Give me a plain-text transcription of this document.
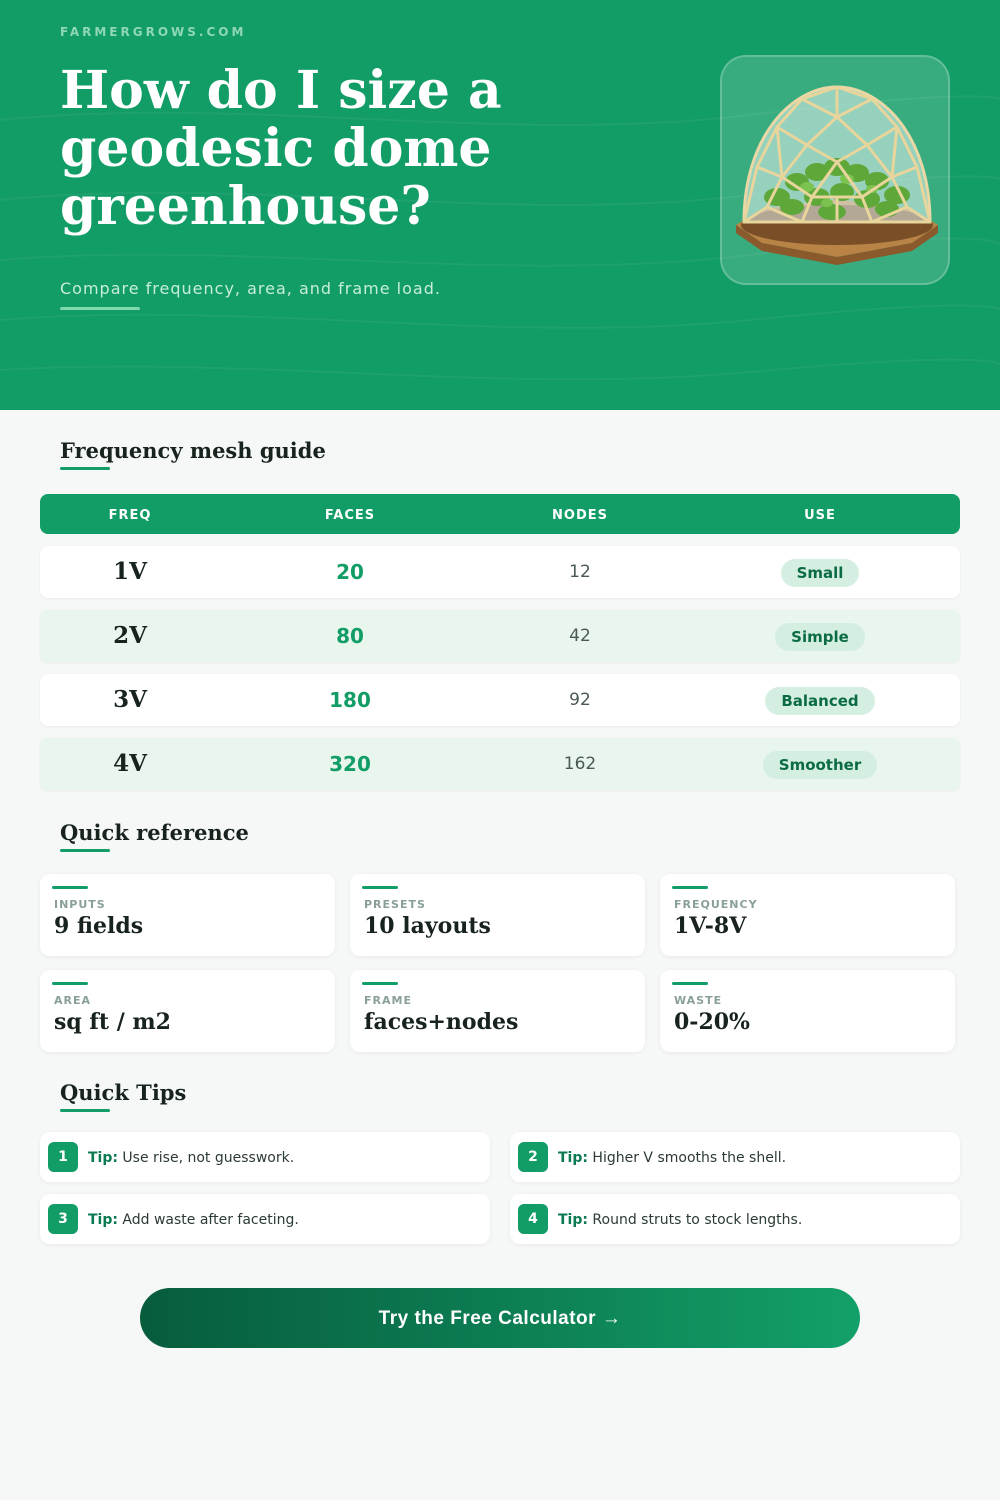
FARMERGROWS.COM
How do I size a geodesic dome greenhouse?
Compare frequency, area, and frame load.
Frequency mesh guide
FREQ	FACES	NODES	USE
1V	20	12	Small
2V	80	42	Simple
3V	180	92	Balanced
4V	320	162	Smoother
Quick reference
INPUTS
9 fields
PRESETS
10 layouts
FREQUENCY
1V-8V
AREA
sq ft / m2
FRAME
faces+nodes
WASTE
0-20%
Quick Tips
1	Tip: Use rise, not guesswork.	2	Tip: Higher V smooths the shell.
3	Tip: Add waste after faceting.	4	Tip: Round struts to stock lengths.
Try the Free Calculator →
